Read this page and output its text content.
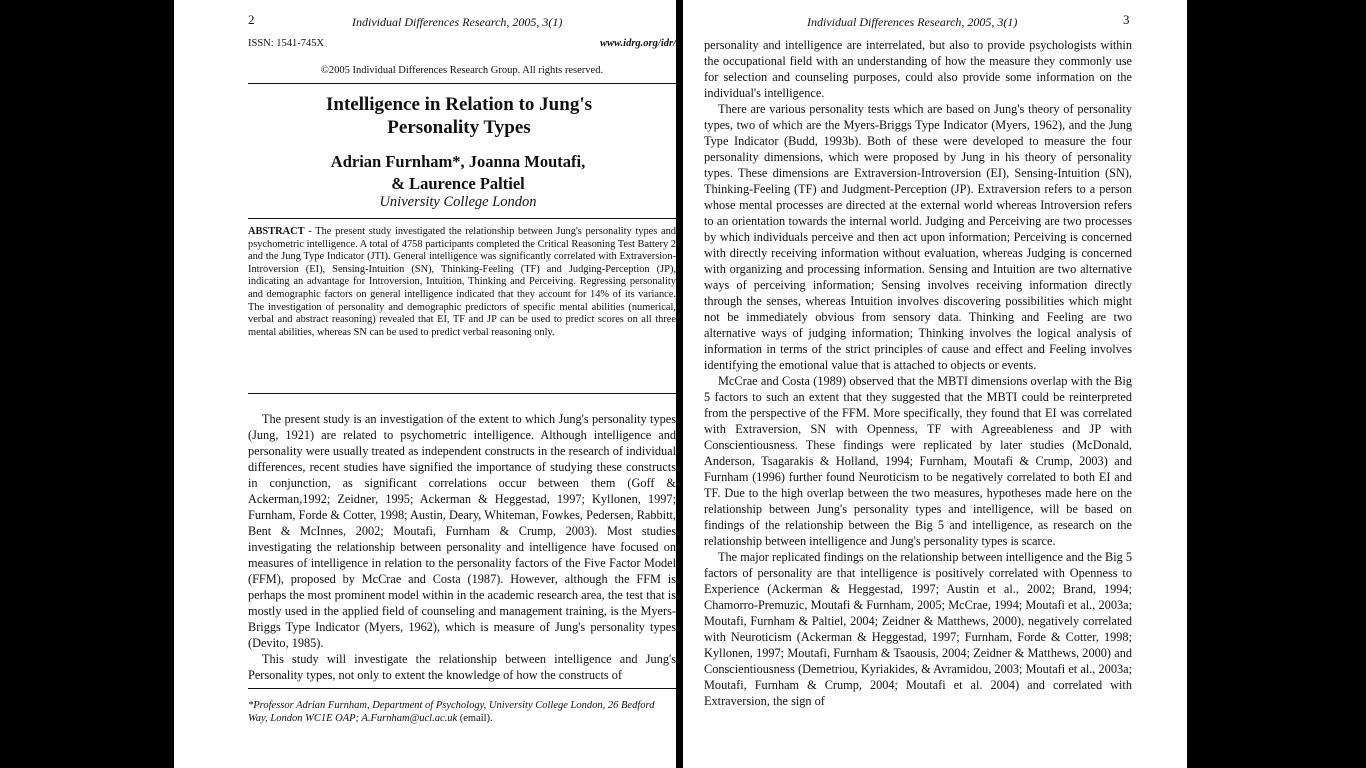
2	Individual Differences Research, 2005, 3(1)
ISSN: 1541-745X	www.idrg.org/idr/
©2005 Individual Differences Research Group. All rights reserved.
Intelligence in Relation to Jung's Personality Types
Adrian Furnham*, Joanna Moutafi,
& Laurence Paltiel
University College London
ABSTRACT - The present study investigated the relationship between Jung's personality types and psychometric intelligence. A total of 4758 participants completed the Critical Reasoning Test Battery 2 and the Jung Type Indicator (JTI). General intelligence was significantly correlated with Extraversion-Introversion (EI), Sensing-Intuition (SN), Thinking-Feeling (TF) and Judging-Perception (JP), indicating an advantage for Introversion, Intuition, Thinking and Perceiving. Regressing personality and demographic factors on general intelligence indicated that they account for 14% of its variance. The investigation of personality and demographic predictors of specific mental abilities (numerical, verbal and abstract reasoning) revealed that EI, TF and JP can be used to predict scores on all three mental abilities, whereas SN can be used to predict verbal reasoning only.

The present study is an investigation of the extent to which Jung's personality types (Jung, 1921) are related to psychometric intelligence. Although intelligence and personality were usually treated as independent constructs in the research of individual differences, recent studies have signified the importance of studying these constructs in conjunction, as significant correlations occur between them (Goff & Ackerman,1992; Zeidner, 1995; Ackerman & Heggestad, 1997; Kyllonen, 1997; Furnham, Forde & Cotter, 1998; Austin, Deary, Whiteman, Fowkes, Pedersen, Rabbitt, Bent & McInnes, 2002; Moutafi, Furnham & Crump, 2003). Most studies investigating the relationship between personality and intelligence have focused on measures of intelligence in relation to the personality factors of the Five Factor Model (FFM), proposed by McCrae and Costa (1987). However, although the FFM is perhaps the most prominent model within in the academic research area, the test that is mostly used in the applied field of counseling and management training, is the Myers-Briggs Type Indicator (Myers, 1962), which is measure of Jung's personality types (Devito, 1985).

This study will investigate the relationship between intelligence and Jung's Personality types, not only to extent the knowledge of how the constructs of

*Professor Adrian Furnham, Department of Psychology, University College London, 26 Bedford Way, London WC1E OAP; A.Furnham@ucl.ac.uk (email).
Individual Differences Research, 2005, 3(1)	3

personality and intelligence are interrelated, but also to provide psychologists within the occupational field with an understanding of how the measure they commonly use for selection and counseling purposes, could also provide some information on the individual's intelligence.

There are various personality tests which are based on Jung's theory of personality types, two of which are the Myers-Briggs Type Indicator (Myers, 1962), and the Jung Type Indicator (Budd, 1993b). Both of these were developed to measure the four personality dimensions, which were proposed by Jung in his theory of personality types. These dimensions are Extraversion-Introversion (EI), Sensing-Intuition (SN), Thinking-Feeling (TF) and Judgment-Perception (JP). Extraversion refers to a person whose mental processes are directed at the external world whereas Introversion refers to an orientation towards the internal world. Judging and Perceiving are two processes by which individuals perceive and then act upon information; Perceiving is concerned with directly receiving information without evaluation, whereas Judging is concerned with organizing and processing information. Sensing and Intuition are two alternative ways of perceiving information; Sensing involves receiving information directly through the senses, whereas Intuition involves discovering possibilities which might not be immediately obvious from sensory data. Thinking and Feeling are two alternative ways of judging information; Thinking involves the logical analysis of information in terms of the strict principles of cause and effect and Feeling involves identifying the emotional value that is attached to objects or events.

McCrae and Costa (1989) observed that the MBTI dimensions overlap with the Big 5 factors to such an extent that they suggested that the MBTI could be reinterpreted from the perspective of the FFM. More specifically, they found that EI was correlated with Extraversion, SN with Openness, TF with Agreeableness and JP with Conscientiousness. These findings were replicated by later studies (McDonald, Anderson, Tsagarakis & Holland, 1994; Furnham, Moutafi & Crump, 2003) and Furnham (1996) further found Neuroticism to be negatively correlated to both EI and TF. Due to the high overlap between the two measures, hypotheses made here on the relationship between Jung's personality types and intelligence, will be based on findings of the relationship between the Big 5 and intelligence, as research on the relationship between intelligence and Jung's personality types is scarce.

The major replicated findings on the relationship between intelligence and the Big 5 factors of personality are that intelligence is positively correlated with Openness to Experience (Ackerman & Heggestad, 1997; Austin et al., 2002; Brand, 1994; Chamorro-Premuzic, Moutafi & Furnham, 2005; McCrae, 1994; Moutafi et al., 2003a; Moutafi, Furnham & Paltiel, 2004; Zeidner & Matthews, 2000), negatively correlated with Neuroticism (Ackerman & Heggestad, 1997; Furnham, Forde & Cotter, 1998; Kyllonen, 1997; Moutafi, Furnham & Tsaousis, 2004; Zeidner & Matthews, 2000) and Conscientiousness (Demetriou, Kyriakides, & Avramidou, 2003; Moutafi et al., 2003a; Moutafi, Furnham & Crump, 2004; Moutafi et al. 2004) and correlated with Extraversion, the sign of
